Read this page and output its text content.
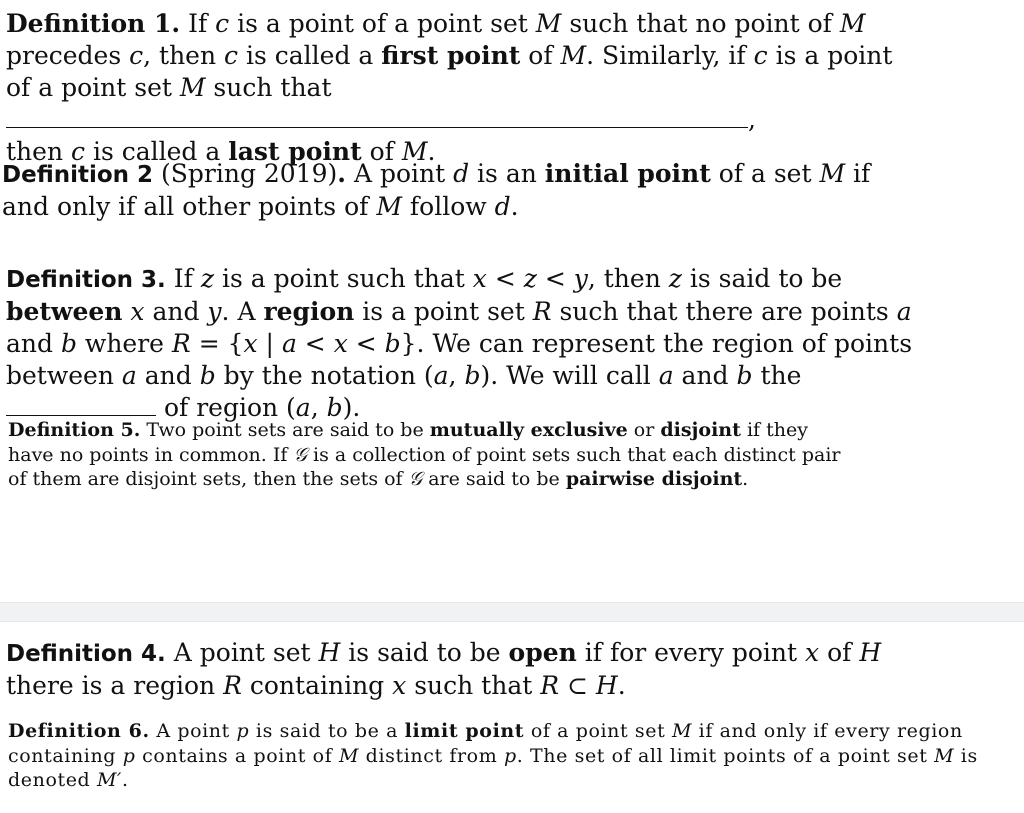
Definition 1. If c is a point of a point set M such that no point of M precedes c, then c is called a first point of M. Similarly, if c is a point of a point set M such that ,
then c is called a last point of M.

Definition 2 (Spring 2019). A point d is an initial point of a set M if and only if all other points of M follow d.

Definition 3. If z is a point such that x < z < y, then z is said to be between x and y. A region is a point set R such that there are points a and b where R = {x | a < x < b}. We can represent the region of points between a and b by the notation (a, b). We will call a and b the  of region (a, b).

Definition 5. Two point sets are said to be mutually exclusive or disjoint if they have no points in common. If 𝒢 is a collection of point sets such that each distinct pair of them are disjoint sets, then the sets of 𝒢 are said to be pairwise disjoint.

Definition 4. A point set H is said to be open if for every point x of H there is a region R containing x such that R ⊂ H.

Definition 6. A point p is said to be a limit point of a point set M if and only if every region containing p contains a point of M distinct from p. The set of all limit points of a point set M is denoted M′.
